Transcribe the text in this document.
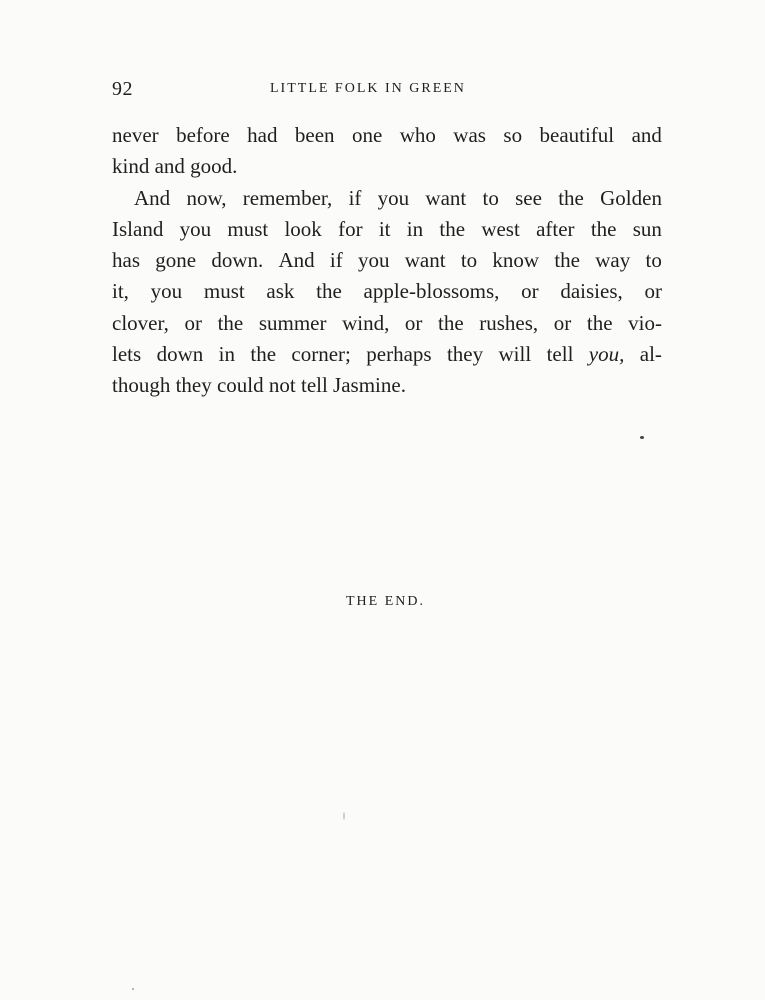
92	LITTLE FOLK IN GREEN
never before had been one who was so beautiful and
kind and good.
And now, remember, if you want to see the Golden
Island you must look for it in the west after the sun
has gone down. And if you want to know the way to
it, you must ask the apple-blossoms, or daisies, or
clover, or the summer wind, or the rushes, or the vio-
lets down in the corner; perhaps they will tell you, al-
though they could not tell Jasmine.
THE END.
